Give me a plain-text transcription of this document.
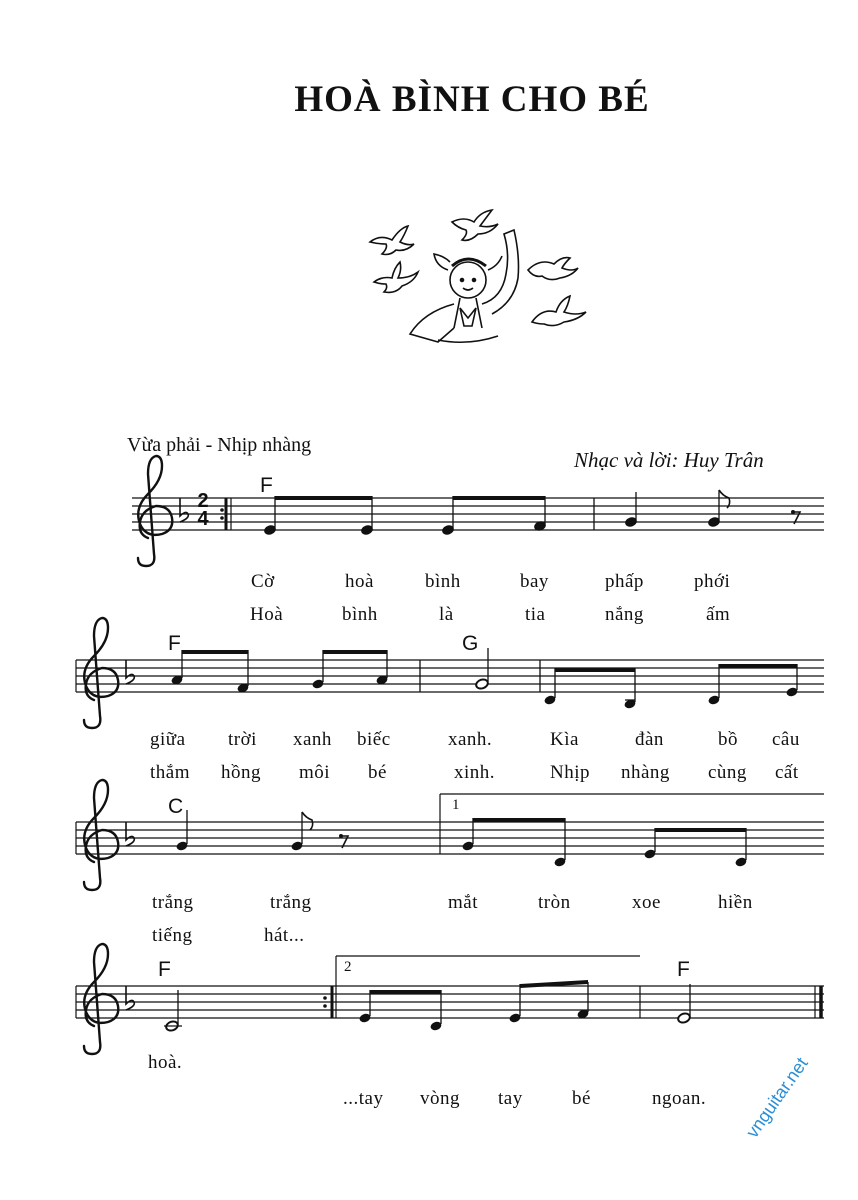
HOÀ BÌNH CHO BÉ
Vừa phải - Nhịp nhàng
Nhạc và lời: Huy Trân
F
F	G
C
F	F
1
2
2
4
Cờ	hoà	bình	bay	phấp	phới
Hoà	bình	là	tia	nắng	ấm
giữa trời xanh biếc	xanh.	Kìa	đàn	bồ câu
thắm hồng môi bé	xinh.	Nhịp nhàng cùng cất
trắng	trắng	mắt	tròn	xoe	hiền
tiếng	hát...
hoà.
...tay vòng tay	bé	ngoan. vnguitar.net
